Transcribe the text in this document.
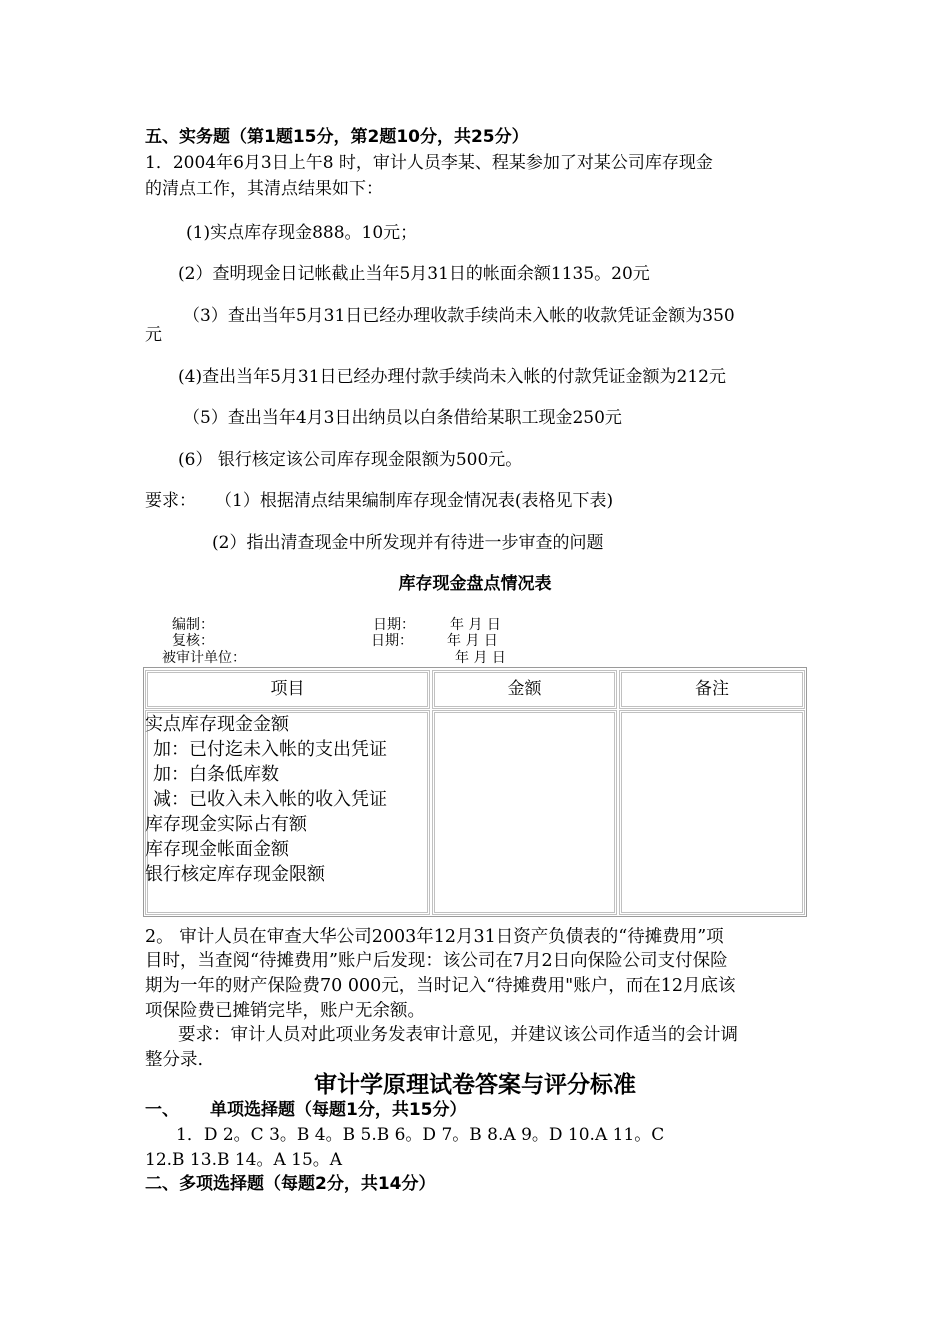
五、实务题（第1题15分，第2题10分，共25分）
1．2004年6月3日上午8 时，审计人员李某、程某参加了对某公司库存现金
的清点工作，其清点结果如下：
(1)实点库存现金888。10元；
(2）查明现金日记帐截止当年5月31日的帐面余额1135。20元
（3）查出当年5月31日已经办理收款手续尚未入帐的收款凭证金额为350
元
(4)查出当年5月31日已经办理付款手续尚未入帐的付款凭证金额为212元
（5）查出当年4月3日出纳员以白条借给某职工现金250元
(6） 银行核定该公司库存现金限额为500元。
要求： （1）根据清点结果编制库存现金情况表(表格见下表)
(2）指出清查现金中所发现并有待进一步审查的问题
库存现金盘点情况表
编制：	日期：	年 月 日
复核：	日期： 年 月 日
被审计单位：	年 月 日
项目	金额	备注
实点库存现金金额
加：已付迄未入帐的支出凭证
加：白条低库数
减：已收入未入帐的收入凭证
库存现金实际占有额
库存现金帐面金额
银行核定库存现金限额
2。 审计人员在审查大华公司2003年12月31日资产负债表的“待摊费用”项
目时，当查阅“待摊费用”账户后发现：该公司在7月2日向保险公司支付保险
期为一年的财产保险费70 000元，当时记入“待摊费用"账户，而在12月底该
项保险费已摊销完毕，账户无余额。
要求：审计人员对此项业务发表审计意见，并建议该公司作适当的会计调
整分录.
审计学原理试卷答案与评分标准
一、 单项选择题（每题1分，共15分）
1．D 2。C 3。B 4。B 5.B 6。D 7。B 8.A 9。D 10.A 11。C
12.B 13.B 14。A 15。A
二、多项选择题（每题2分，共14分）
